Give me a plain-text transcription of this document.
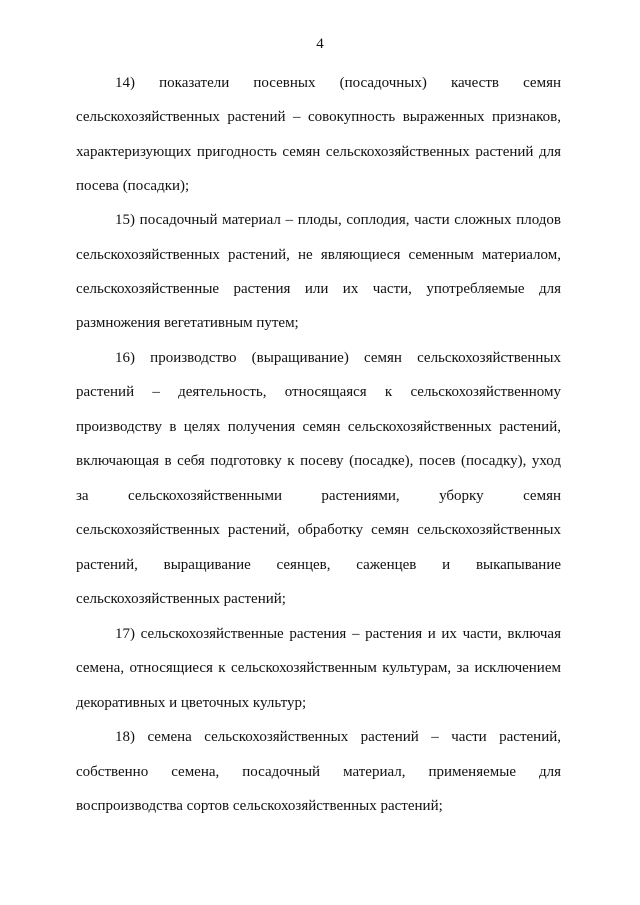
4
14) показатели посевных (посадочных) качеств семян
сельскохозяйственных растений – совокупность выраженных признаков,
характеризующих пригодность семян сельскохозяйственных растений для
посева (посадки);
15) посадочный материал – плоды, соплодия, части сложных плодов
сельскохозяйственных растений, не являющиеся семенным материалом,
сельскохозяйственные растения или их части, употребляемые для
размножения вегетативным путем;
16) производство (выращивание) семян сельскохозяйственных
растений – деятельность, относящаяся к сельскохозяйственному
производству в целях получения семян сельскохозяйственных растений,
включающая в себя подготовку к посеву (посадке), посев (посадку), уход
за сельскохозяйственными растениями, уборку семян
сельскохозяйственных растений, обработку семян сельскохозяйственных
растений, выращивание сеянцев, саженцев и выкапывание
сельскохозяйственных растений;
17) сельскохозяйственные растения – растения и их части, включая
семена, относящиеся к сельскохозяйственным культурам, за исключением
декоративных и цветочных культур;
18) семена сельскохозяйственных растений – части растений,
собственно семена, посадочный материал, применяемые для
воспроизводства сортов сельскохозяйственных растений;
